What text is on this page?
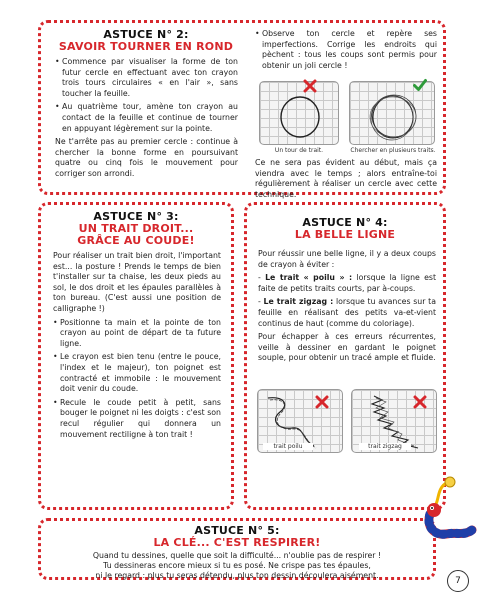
ASTUCE N° 2:
SAVOIR TOURNER EN ROND
• Commence par visualiser la forme de ton futur cercle en effectuant avec ton crayon trois tours circulaires « en l'air », sans toucher la feuille.
• Au quatrième tour, amène ton crayon au contact de la feuille et continue de tourner en appuyant légèrement sur la pointe.

Ne t'arrête pas au premier cercle : continue à chercher la bonne forme en poursuivant quatre ou cinq fois le mouvement pour corriger son arrondi.

• Observe ton cercle et repère ses imperfections. Corrige les endroits qui pèchent : tous les coups sont permis pour obtenir un joli cercle !
Un tour de trait.	Chercher en plusieurs traits.

Ce ne sera pas évident au début, mais ça viendra avec le temps ; alors entraîne-toi régulièrement à réaliser un cercle avec cette technique.

ASTUCE N° 3:
UN TRAIT DROIT...
GRÂCE AU COUDE!

Pour réaliser un trait bien droit, l'important est... la posture ! Prends le temps de bien t'installer sur ta chaise, les deux pieds au sol, le dos droit et les épaules parallèles à ton bureau. (C'est aussi une position de calligraphe !)

• Positionne ta main et la pointe de ton crayon au point de départ de ta future ligne.
• Le crayon est bien tenu (entre le pouce, l'index et le majeur), ton poignet est contracté et immobile : le mouvement doit venir du coude.
• Recule le coude petit à petit, sans bouger le poignet ni les doigts : c'est son recul régulier qui donnera un mouvement rectiligne à ton trait !
ASTUCE N° 4:
LA BELLE LIGNE

Pour réussir une belle ligne, il y a deux coups de crayon à éviter :

- Le trait « poilu » : lorsque la ligne est faite de petits traits courts, par à-coups.

- Le trait zigzag : lorsque tu avances sur ta feuille en réalisant des petits va-et-vient continus de haut (comme du coloriage).

Pour échapper à ces erreurs récurrentes, veille à dessiner en gardant le poignet souple, pour obtenir un tracé ample et fluide.

trait poilu	trait zigzag
ASTUCE N° 5:
LA CLÉ... C'EST RESPIRER!
Quand tu dessines, quelle que soit la difficulté... n'oublie pas de respirer !
Tu dessineras encore mieux si tu es posé. Ne crispe pas tes épaules,
ni le regard : plus tu seras détendu, plus ton dessin découlera aisément.
7
